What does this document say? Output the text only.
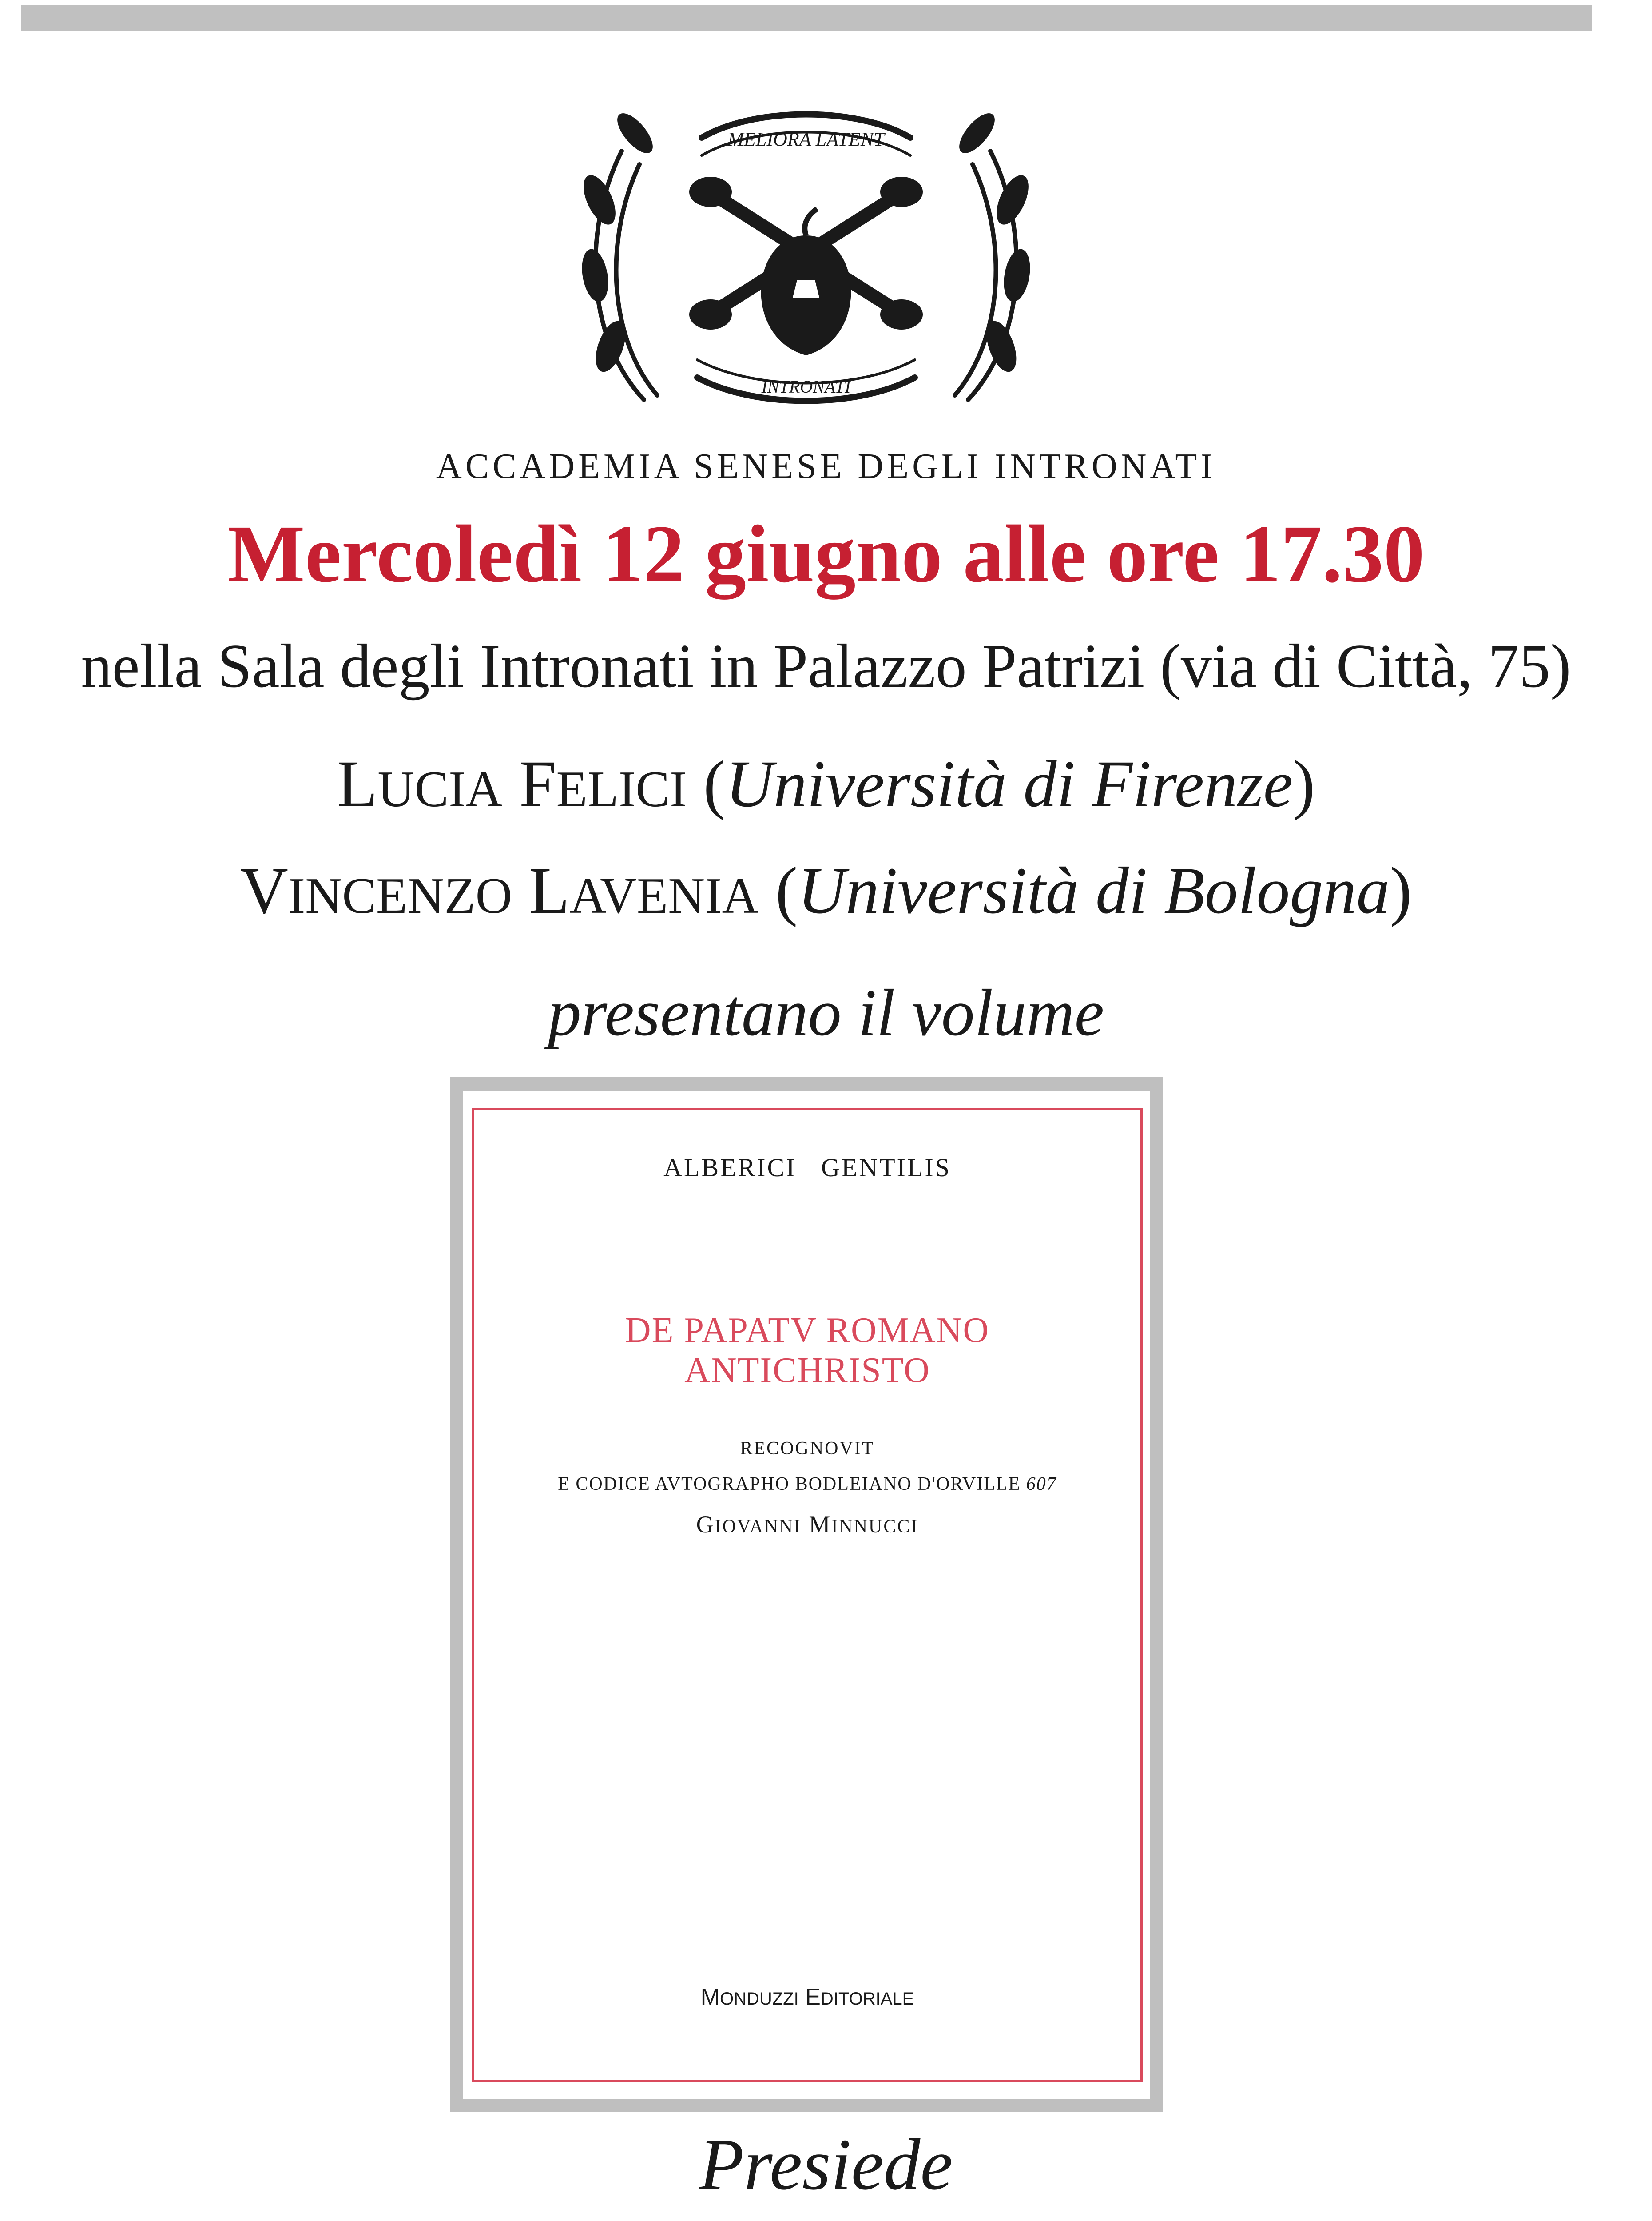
MELIORA LATENT
INTRONATI
ACCADEMIA SENESE DEGLI INTRONATI
Mercoledì 12 giugno alle ore 17.30
nella Sala degli Intronati in Palazzo Patrizi (via di Città, 75)
LUCIA FELICI (Università di Firenze)
VINCENZO LAVENIA (Università di Bologna)
presentano il volume
ALBERICI   GENTILIS
DE PAPATV ROMANO
ANTICHRISTO
RECOGNOVIT
E CODICE AVTOGRAPHO BODLEIANO D'ORVILLE 607
GIOVANNI MINNUCCI
MONDUZZI EDITORIALE
Presiede
